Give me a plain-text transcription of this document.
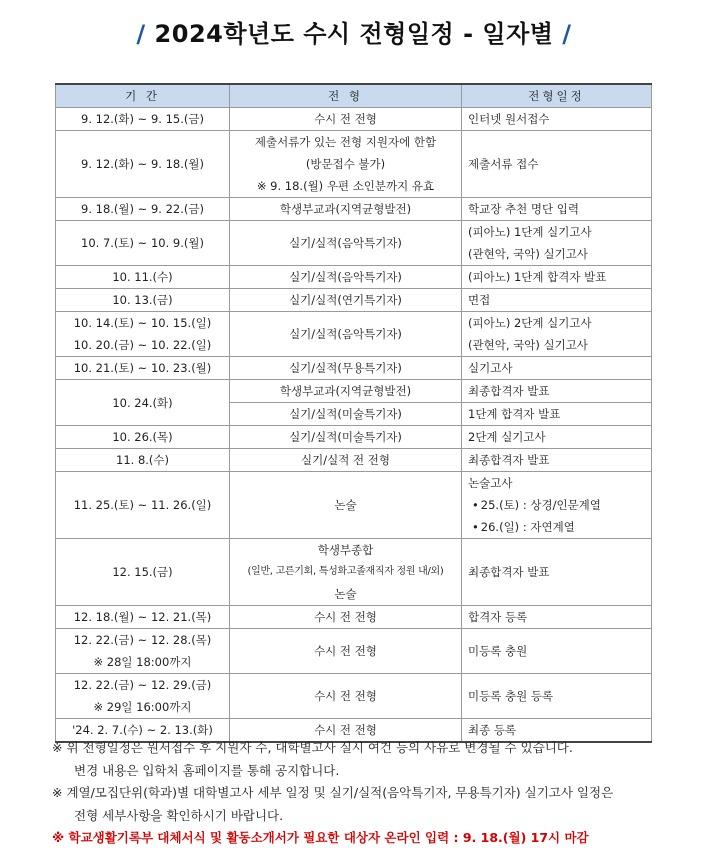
/ 2024학년도 수시 전형일정 - 일자별 /
기 간	전 형	전형일정

9. 12.(화) ~ 9. 15.(금)	수시 전 전형	인터넷 원서접수

9. 12.(화) ~ 9. 18.(월)	제출서류가 있는 전형 지원자에 한함
(방문접수 불가)
※ 9. 18.(월) 우편 소인분까지 유효	제출서류 접수

9. 18.(월) ~ 9. 22.(금)	학생부교과(지역균형발전)	학교장 추천 명단 입력

10. 7.(토) ~ 10. 9.(월)	실기/실적(음악특기자)	(피아노) 1단계 실기고사
(관현악, 국악) 실기고사

10. 11.(수)	실기/실적(음악특기자)	(피아노) 1단계 합격자 발표

10. 13.(금)	실기/실적(연기특기자)	면접

10. 14.(토) ~ 10. 15.(일)
10. 20.(금) ~ 10. 22.(일)	실기/실적(음악특기자)	(피아노) 2단계 실기고사
(관현악, 국악) 실기고사

10. 21.(토) ~ 10. 23.(월)	실기/실적(무용특기자)	실기고사

10. 24.(화)	학생부교과(지역균형발전)	최종합격자 발표

	실기/실적(미술특기자)	1단계 합격자 발표

10. 26.(목)	실기/실적(미술특기자)	2단계 실기고사

11. 8.(수)	실기/실적 전 전형	최종합격자 발표

11. 25.(토) ~ 11. 26.(일)	논술	논술고사
• 25.(토) : 상경/인문계열
• 26.(일) : 자연계열

12. 15.(금)	학생부종합
(일반, 고른기회, 특성화고졸재직자 정원 내/외)
논술	최종합격자 발표

12. 18.(월) ~ 12. 21.(목)	수시 전 전형	합격자 등록

12. 22.(금) ~ 12. 28.(목)
※ 28일 18:00까지	수시 전 전형	미등록 충원

12. 22.(금) ~ 12. 29.(금)
※ 29일 16:00까지	수시 전 전형	미등록 충원 등록

'24. 2. 7.(수) ~ 2. 13.(화)	수시 전 전형	최종 등록
※ 위 전형일정은 원서접수 후 지원자 수, 대학별고사 실시 여건 등의 사유로 변경될 수 있습니다.
변경 내용은 입학처 홈페이지를 통해 공지합니다.
※ 계열/모집단위(학과)별 대학별고사 세부 일정 및 실기/실적(음악특기자, 무용특기자) 실기고사 일정은
전형 세부사항을 확인하시기 바랍니다.
※ 학교생활기록부 대체서식 및 활동소개서가 필요한 대상자 온라인 입력 : 9. 18.(월) 17시 마감
